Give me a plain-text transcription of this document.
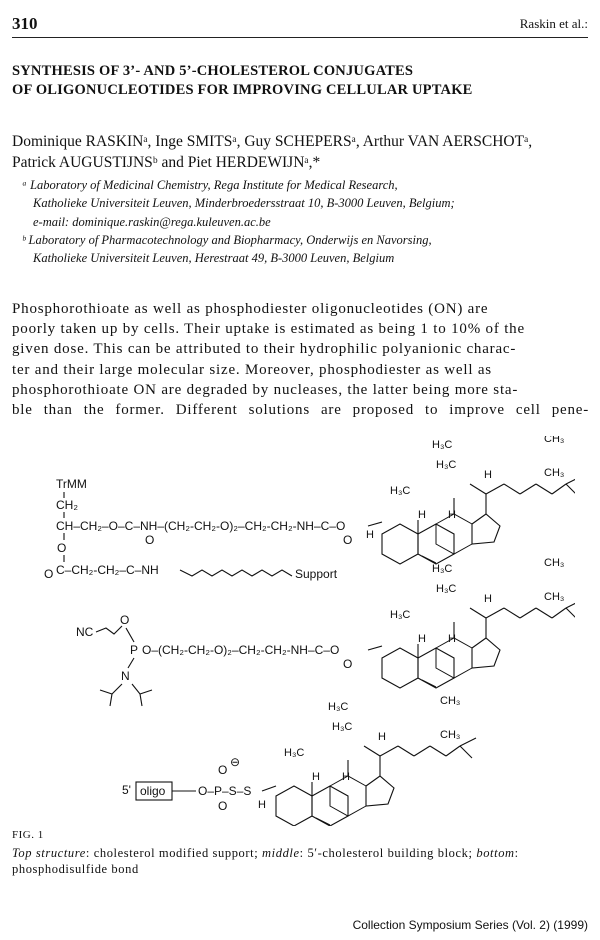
310	Raskin et al.:
SYNTHESIS OF 3’- AND 5’-CHOLESTEROL CONJUGATES
OF OLIGONUCLEOTIDES FOR IMPROVING CELLULAR UPTAKE
Dominique RASKINᵃ, Inge SMITSᵃ, Guy SCHEPERSᵃ, Arthur VAN AERSCHOTᵃ,
Patrick AUGUSTIJNSᵇ and Piet HERDEWIJNᵃ,*
ᵃ Laboratory of Medicinal Chemistry, Rega Institute for Medical Research,
Katholieke Universiteit Leuven, Minderbroedersstraat 10, B-3000 Leuven, Belgium;
e-mail: dominique.raskin@rega.kuleuven.ac.be
ᵇ Laboratory of Pharmacotechnology and Biopharmacy, Onderwijs en Navorsing,
Katholieke Universiteit Leuven, Herestraat 49, B-3000 Leuven, Belgium
Phosphorothioate as well as phosphodiester oligonucleotides (ON) are
poorly taken up by cells. Their uptake is estimated as being 1 to 10% of the
given dose. This can be attributed to their hydrophilic polyanionic charac-
ter and their large molecular size. Moreover, phosphodiester as well as
phosphorothioate ON are degraded by nucleases, the latter being more sta-
ble than the former. Different solutions are proposed to improve cell pene-
TrMM
CH₂
CH–CH₂–O–C–NH–(CH₂-CH₂-O)₂–CH₂-CH₂-NH–C–O
O	O
O
C–CH₂-CH₂–C–NH
O	Support
H₃C	CH₃
CH₃
H₃C
H₃C
H H
H
H
NC
O
P O–(CH₂-CH₂-O)₂–CH₂-CH₂-NH–C–O
O
N
H₃C	CH₃
CH₃
H₃C
H₃C
H H
H
5' oligo	O–P–S–S
O
⊖
O
H₃C	CH₃
CH₃
H₃C
H₃C
H H
H
H
FIG. 1
Top structure: cholesterol modified support; middle: 5′-cholesterol building block; bottom:
phosphodisulfide bond
Collection Symposium Series (Vol. 2) (1999)
